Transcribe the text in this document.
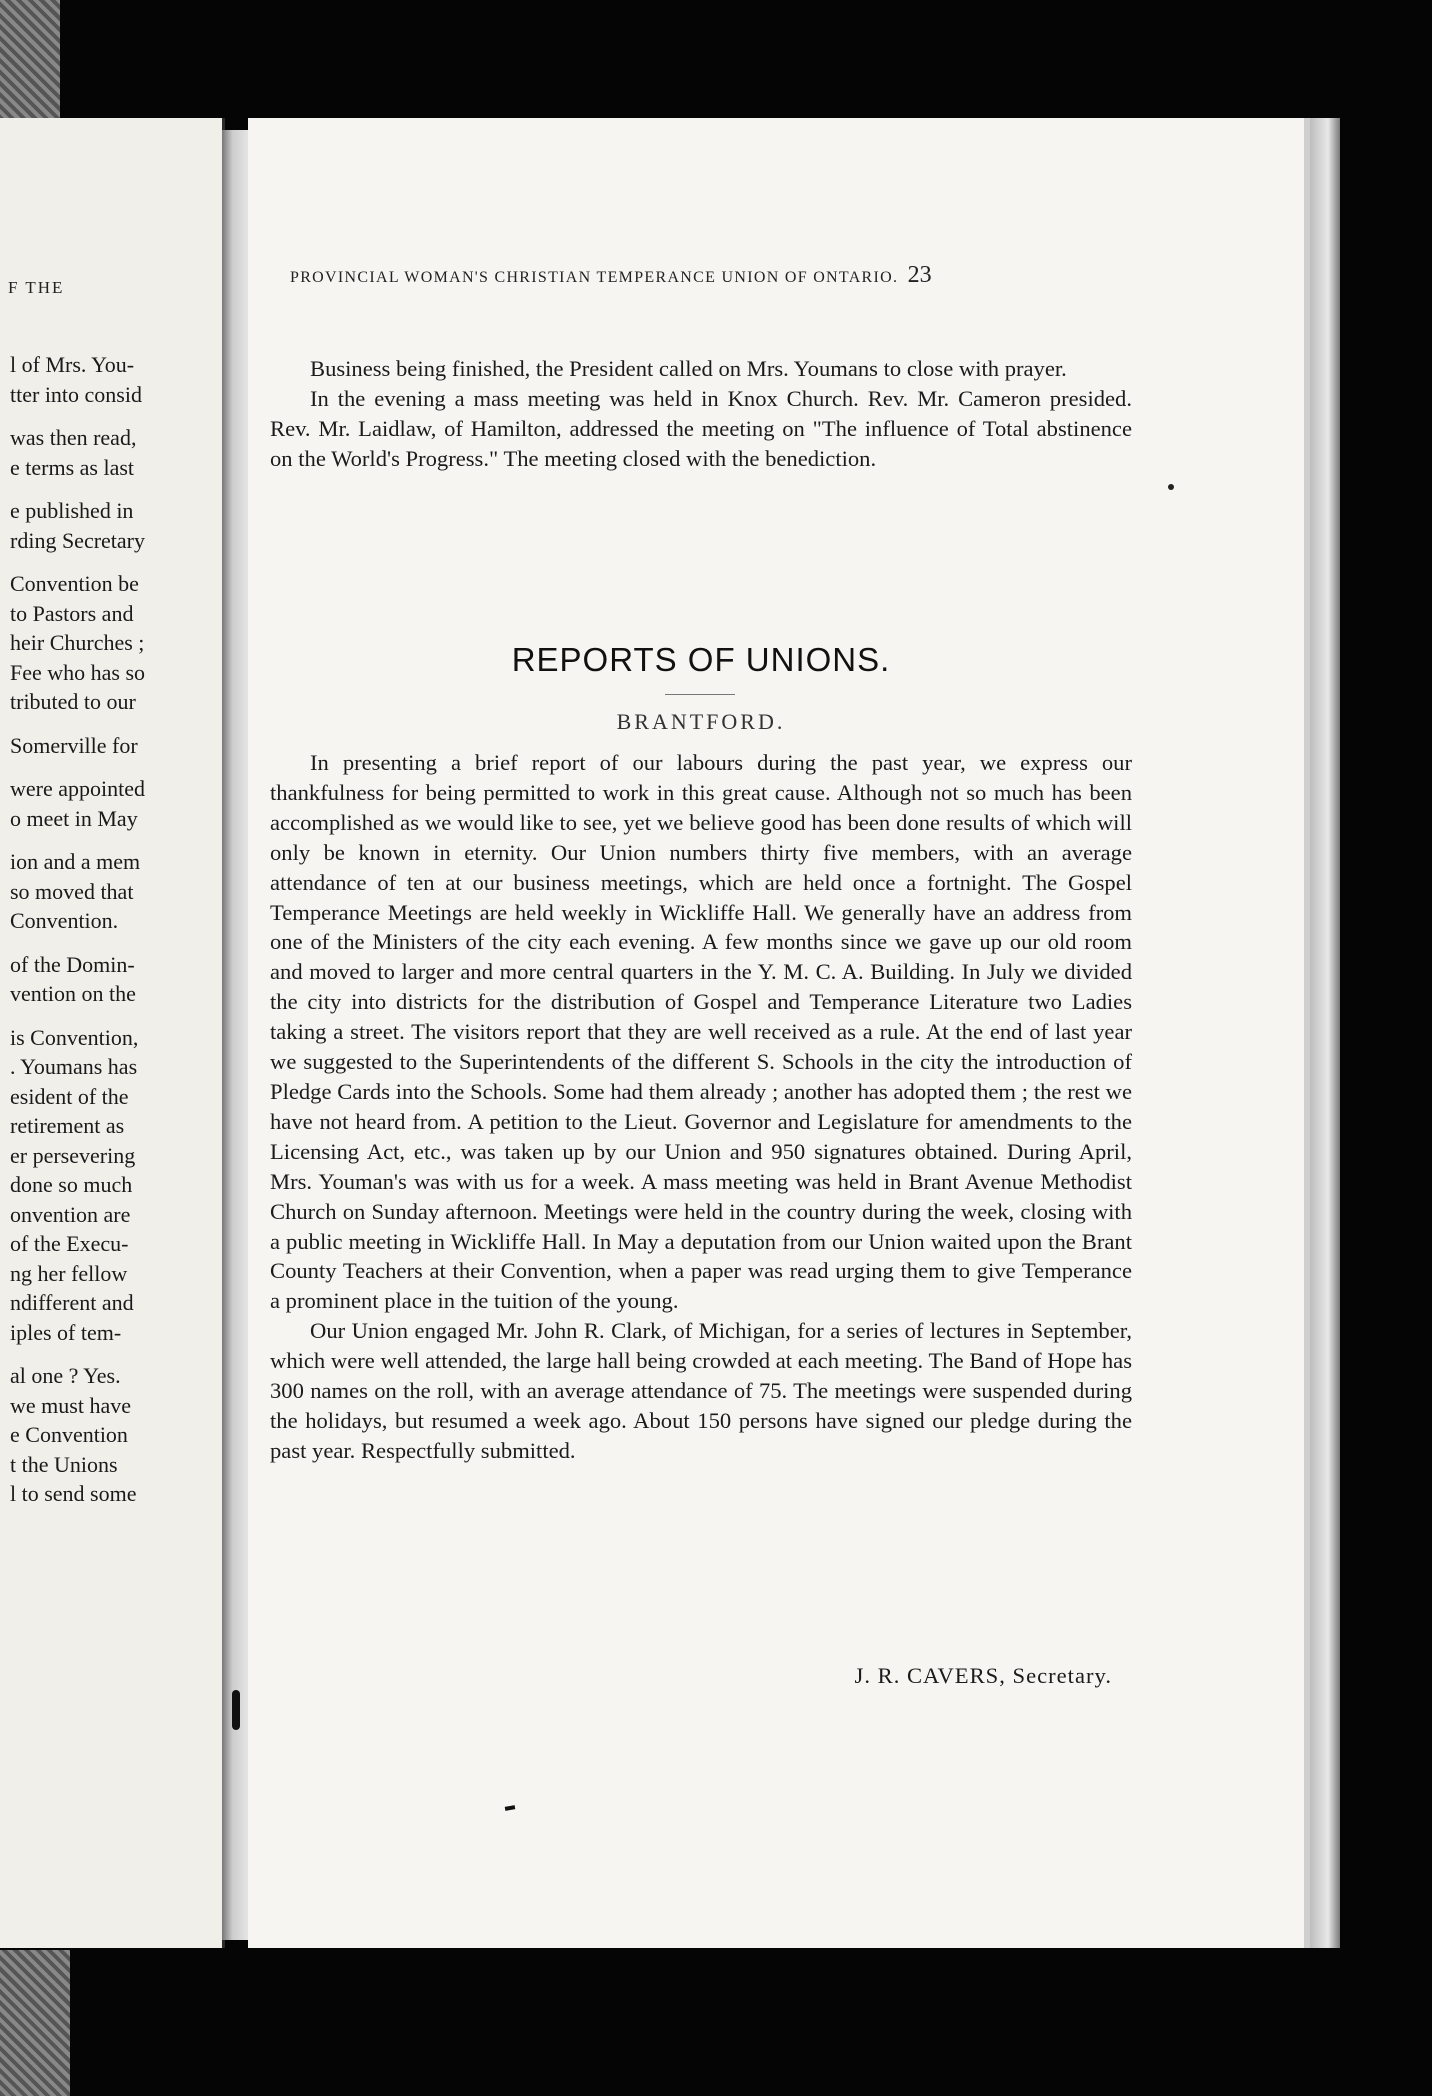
F THE
l of Mrs. You-
tter into consid
was then read,
e terms as last
e published in
rding Secretary
Convention be
to Pastors and
heir Churches ;
Fee who has so
tributed to our
Somerville for
were appointed
o meet in May
ion and a mem
so moved that
Convention.
of the Domin-
vention on the
is Convention,
. Youmans has
esident of the
retirement as
er persevering
done so much
onvention are
of the Execu-
ng her fellow
ndifferent and
iples of tem-
al one ? Yes.
we must have
e Convention
t the Unions
l to send some
PROVINCIAL WOMAN'S CHRISTIAN TEMPERANCE UNION OF ONTARIO. 23

Business being finished, the President called on Mrs. Youmans to close with prayer.

In the evening a mass meeting was held in Knox Church. Rev. Mr. Cameron presided. Rev. Mr. Laidlaw, of Hamilton, addressed the meeting on "The influence of Total abstinence on the World's Progress." The meeting closed with the benediction.

REPORTS OF UNIONS.
BRANTFORD.

In presenting a brief report of our labours during the past year, we express our thankfulness for being permitted to work in this great cause. Although not so much has been accomplished as we would like to see, yet we believe good has been done results of which will only be known in eternity. Our Union numbers thirty five members, with an average attendance of ten at our business meetings, which are held once a fortnight. The Gospel Temperance Meetings are held weekly in Wickliffe Hall. We generally have an address from one of the Ministers of the city each evening. A few months since we gave up our old room and moved to larger and more central quarters in the Y. M. C. A. Building. In July we divided the city into districts for the distribution of Gospel and Temperance Literature two Ladies taking a street. The visitors report that they are well received as a rule. At the end of last year we suggested to the Superintendents of the different S. Schools in the city the introduction of Pledge Cards into the Schools. Some had them already ; another has adopted them ; the rest we have not heard from. A petition to the Lieut. Governor and Legislature for amendments to the Licensing Act, etc., was taken up by our Union and 950 signatures obtained. During April, Mrs. Youman's was with us for a week. A mass meeting was held in Brant Avenue Methodist Church on Sunday afternoon. Meetings were held in the country during the week, closing with a public meeting in Wickliffe Hall. In May a deputation from our Union waited upon the Brant County Teachers at their Convention, when a paper was read urging them to give Temperance a prominent place in the tuition of the young.

Our Union engaged Mr. John R. Clark, of Michigan, for a series of lectures in September, which were well attended, the large hall being crowded at each meeting. The Band of Hope has 300 names on the roll, with an average attendance of 75. The meetings were suspended during the holidays, but resumed a week ago. About 150 persons have signed our pledge during the past year. Respectfully submitted.

J. R. CAVERS, Secretary.
